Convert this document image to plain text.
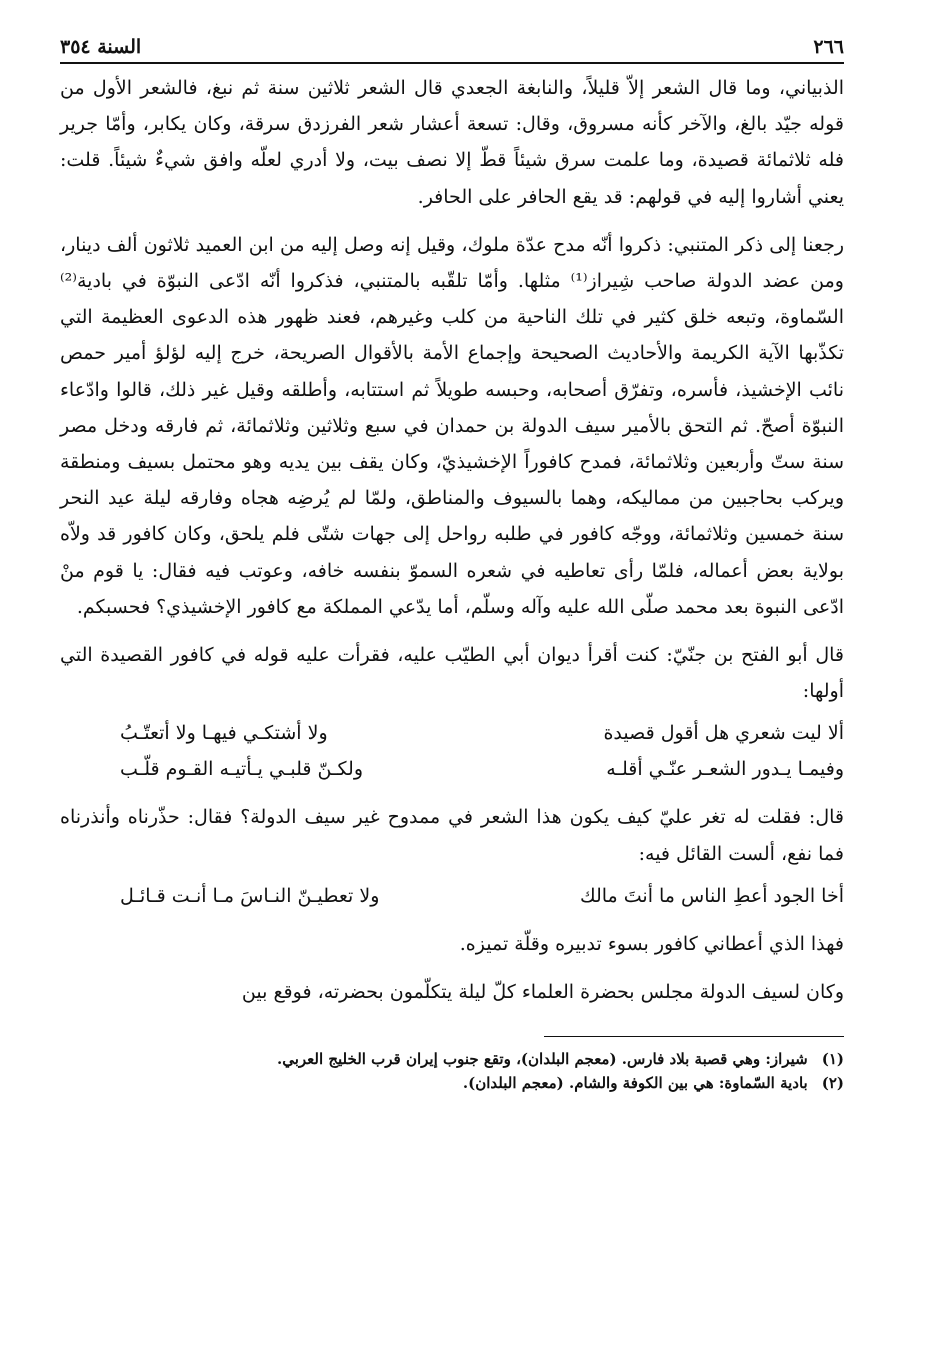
٢٦٦
السنة ٣٥٤

الذبياني، وما قال الشعر إلاّ قليلاً، والنابغة الجعدي قال الشعر ثلاثين سنة ثم نبغ، فالشعر الأول من قوله جيّد بالغ، والآخر كأنه مسروق، وقال: تسعة أعشار شعر الفرزدق سرقة، وكان يكابر، وأمّا جرير فله ثلاثمائة قصيدة، وما علمت سرق شيئاً قطّ إلا نصف بيت، ولا أدري لعلّه وافق شيءٌ شيئاً. قلت: يعني أشاروا إليه في قولهم: قد يقع الحافر على الحافر.

رجعنا إلى ذكر المتنبي: ذكروا أنّه مدح عدّة ملوك، وقيل إنه وصل إليه من ابن العميد ثلاثون ألف دينار، ومن عضد الدولة صاحب شِيراز⁽¹⁾ مثلها. وأمّا تلقّبه بالمتنبي، فذكروا أنّه ادّعى النبوّة في بادية⁽²⁾ السّماوة، وتبعه خلق كثير في تلك الناحية من كلب وغيرهم، فعند ظهور هذه الدعوى العظيمة التي تكذّبها الآية الكريمة والأحاديث الصحيحة وإجماع الأمة بالأقوال الصريحة، خرج إليه لؤلؤ أمير حمص نائب الإخشيذ، فأسره، وتفرّق أصحابه، وحبسه طويلاً ثم استتابه، وأطلقه وقيل غير ذلك، قالوا وادّعاء النبوّة أصحّ. ثم التحق بالأمير سيف الدولة بن حمدان في سبع وثلاثين وثلاثمائة، ثم فارقه ودخل مصر سنة ستّ وأربعين وثلاثمائة، فمدح كافوراً الإخشيذيّ، وكان يقف بين يديه وهو محتمل بسيف ومنطقة ويركب بحاجبين من مماليكه، وهما بالسيوف والمناطق، ولمّا لم يُرضِه هجاه وفارقه ليلة عيد النحر سنة خمسين وثلاثمائة، ووجّه كافور في طلبه رواحل إلى جهات شتّى فلم يلحق، وكان كافور قد ولاّه بولاية بعض أعماله، فلمّا رأى تعاطيه في شعره السموّ بنفسه خافه، وعوتب فيه فقال: يا قوم منْ ادّعى النبوة بعد محمد صلّى الله عليه وآله وسلّم، أما يدّعي المملكة مع كافور الإخشيذي؟ فحسبكم.

قال أبو الفتح بن جنّيّ: كنت أقرأ ديوان أبي الطيّب عليه، فقرأت عليه قوله في كافور القصيدة التي أولها:

ألا ليت شعري هل أقول قصيدة
ولا أشتكـي فيهـا ولا أتعتّـبُ
وفيمـا يـدور الشعـر عنّـي أقلـه
ولكـنّ قلبـي يـأتيـه القـوم قلّـب

قال: فقلت له تغر عليّ كيف يكون هذا الشعر في ممدوح غير سيف الدولة؟ فقال: حذّرناه وأنذرناه فما نفع، ألست القائل فيه:

أخا الجود أعطِ الناس ما أنتَ مالك
ولا تعطيـنّ النـاسَ مـا أنـت قـائـل

فهذا الذي أعطاني كافور بسوء تدبيره وقلّة تميزه.

وكان لسيف الدولة مجلس بحضرة العلماء كلّ ليلة يتكلّمون بحضرته، فوقع بين

(١)
شيراز: وهي قصبة بلاد فارس. (معجم البلدان)، وتقع جنوب إيران قرب الخليج العربي.
(٢)
بادية السّماوة: هي بين الكوفة والشام. (معجم البلدان).
